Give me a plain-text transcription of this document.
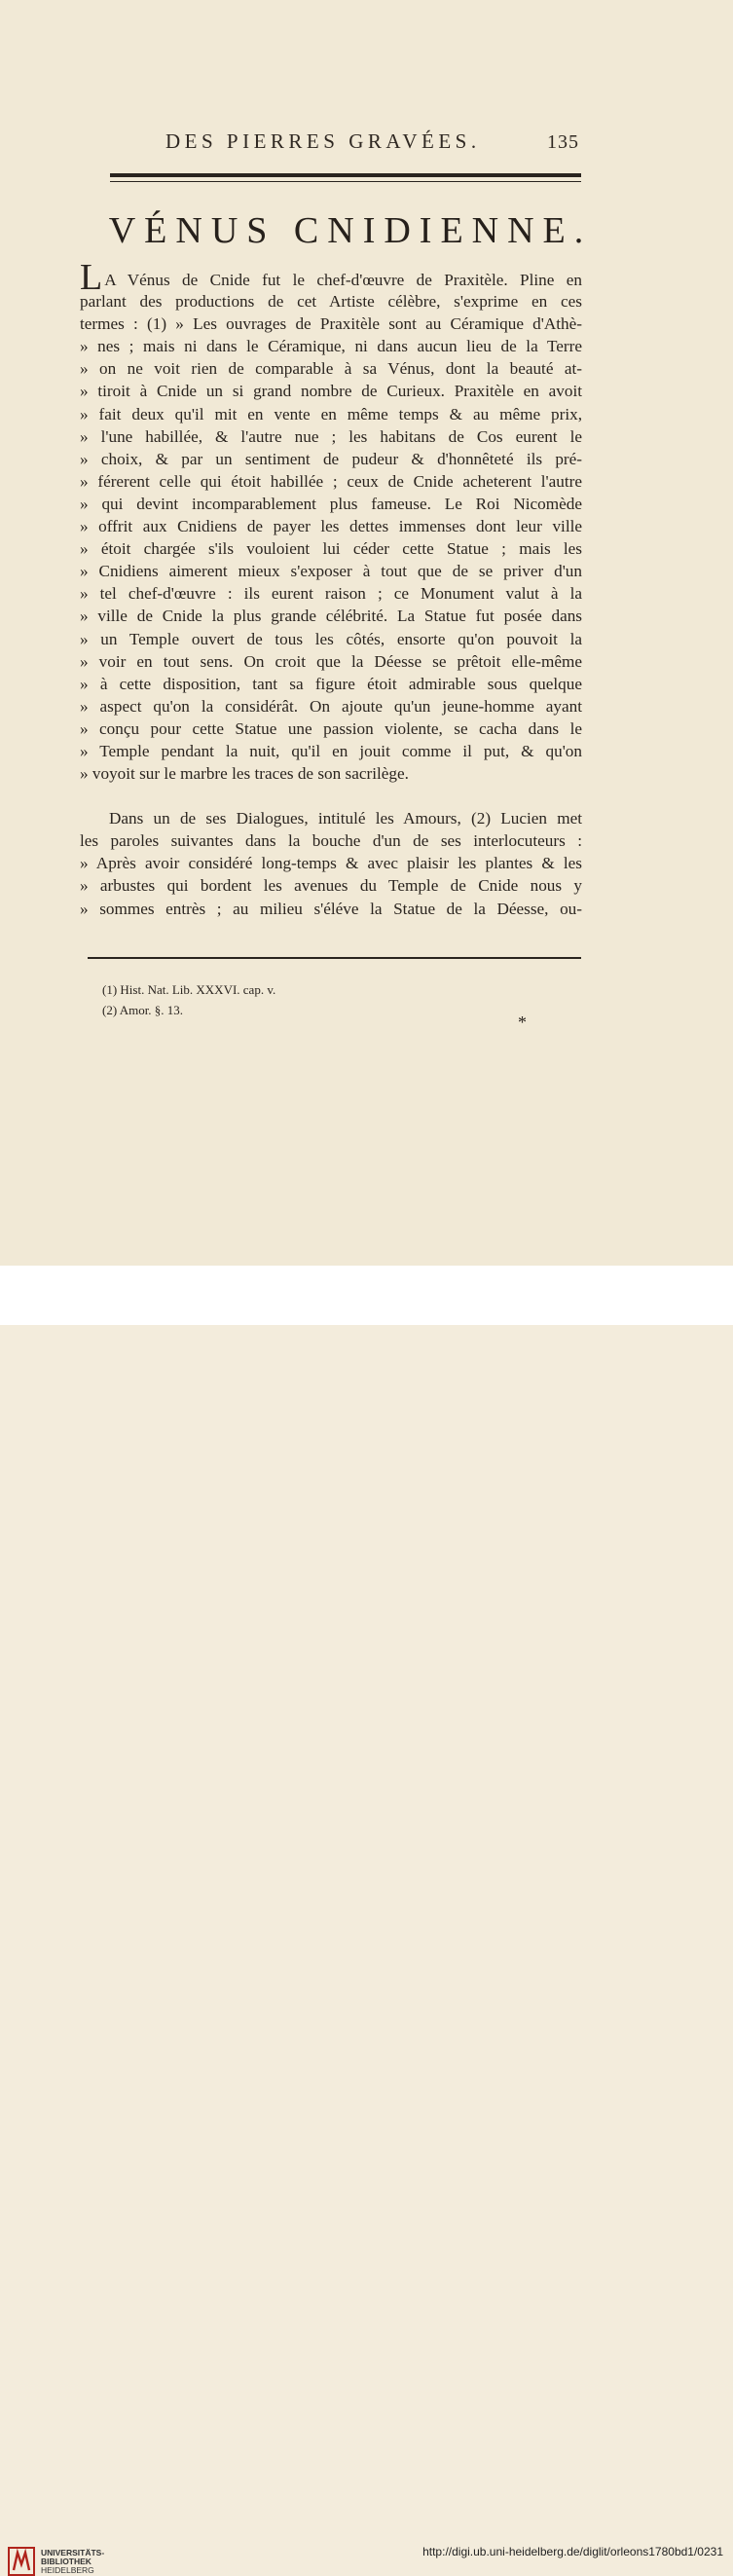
DES PIERRES GRAVÉES.	135
VÉNUS CNIDIENNE.
L A Vénus de Cnide fut le chef-d'œuvre de Praxitèle. Pline en
parlant des productions de cet Artiste célèbre, s'exprime en ces
termes : (1) » Les ouvrages de Praxitèle sont au Céramique d'Athè-
» nes ; mais ni dans le Céramique, ni dans aucun lieu de la Terre
» on ne voit rien de comparable à sa Vénus, dont la beauté at-
» tiroit à Cnide un si grand nombre de Curieux. Praxitèle en avoit
» fait deux qu'il mit en vente en même temps & au même prix,
» l'une habillée, & l'autre nue ; les habitans de Cos eurent le
» choix, & par un sentiment de pudeur & d'honnêteté ils pré-
» férerent celle qui étoit habillée ; ceux de Cnide acheterent l'autre
» qui devint incomparablement plus fameuse. Le Roi Nicomède
» offrit aux Cnidiens de payer les dettes immenses dont leur ville
» étoit chargée s'ils vouloient lui céder cette Statue ; mais les
» Cnidiens aimerent mieux s'exposer à tout que de se priver d'un
» tel chef-d'œuvre : ils eurent raison ; ce Monument valut à la
» ville de Cnide la plus grande célébrité. La Statue fut posée dans
» un Temple ouvert de tous les côtés, ensorte qu'on pouvoit la
» voir en tout sens. On croit que la Déesse se prêtoit elle-même
» à cette disposition, tant sa figure étoit admirable sous quelque
» aspect qu'on la considérât. On ajoute qu'un jeune-homme ayant
» conçu pour cette Statue une passion violente, se cacha dans le
» Temple pendant la nuit, qu'il en jouit comme il put, & qu'on
» voyoit sur le marbre les traces de son sacrilège.
Dans un de ses Dialogues, intitulé les Amours, (2) Lucien met
les paroles suivantes dans la bouche d'un de ses interlocuteurs :
» Après avoir considéré long-temps & avec plaisir les plantes & les
» arbustes qui bordent les avenues du Temple de Cnide nous y
» sommes entrès ; au milieu s'éléve la Statue de la Déesse, ou-
(1) Hist. Nat. Lib. XXXVI. cap. v.
(2) Amor. §. 13.
*
UNIVERSITÄTS-
BIBLIOTHEK
HEIDELBERG
http://digi.ub.uni-heidelberg.de/diglit/orleons1780bd1/0231
